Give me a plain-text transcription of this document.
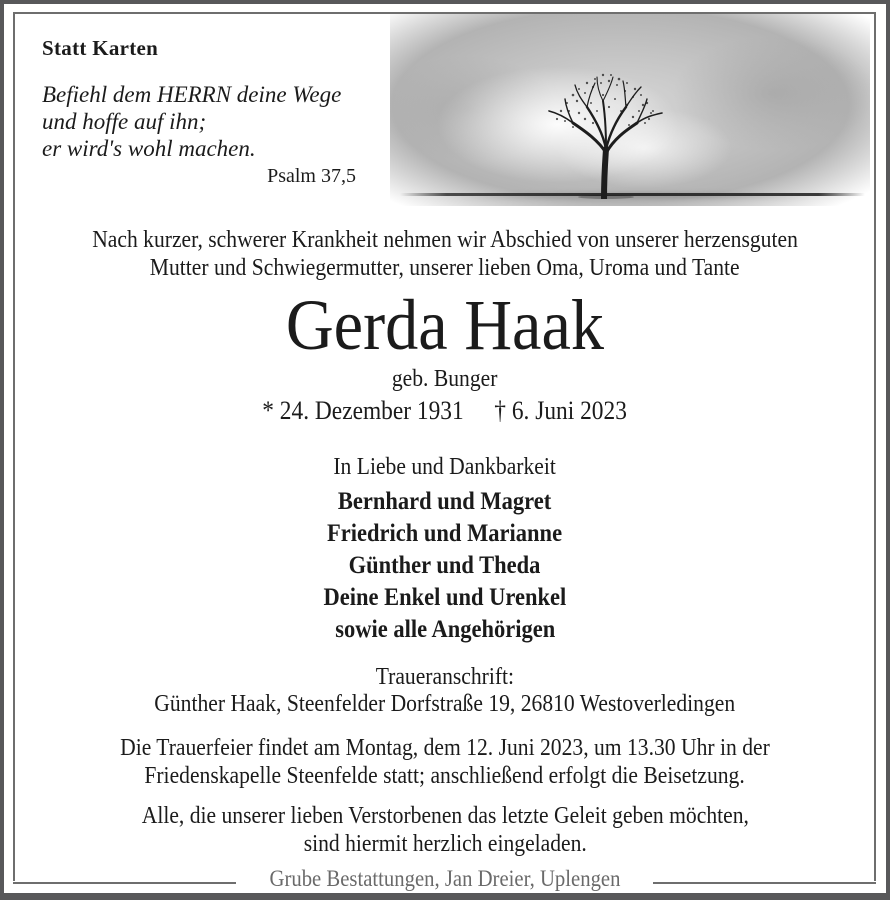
Statt Karten
Befiehl dem HERRN deine Wege
und hoffe auf ihn;
er wird's wohl machen.
Psalm 37,5
Nach kurzer, schwerer Krankheit nehmen wir Abschied von unserer herzensguten
Mutter und Schwiegermutter, unserer lieben Oma, Uroma und Tante
Gerda Haak
geb. Bunger
* 24. Dezember 1931 † 6. Juni 2023
In Liebe und Dankbarkeit
Bernhard und Magret
Friedrich und Marianne
Günther und Theda
Deine Enkel und Urenkel
sowie alle Angehörigen
Traueranschrift:
Günther Haak, Steenfelder Dorfstraße 19, 26810 Westoverledingen
Die Trauerfeier findet am Montag, dem 12. Juni 2023, um 13.30 Uhr in der
Friedenskapelle Steenfelde statt; anschließend erfolgt die Beisetzung.
Alle, die unserer lieben Verstorbenen das letzte Geleit geben möchten,
sind hiermit herzlich eingeladen.
Grube Bestattungen, Jan Dreier, Uplengen
